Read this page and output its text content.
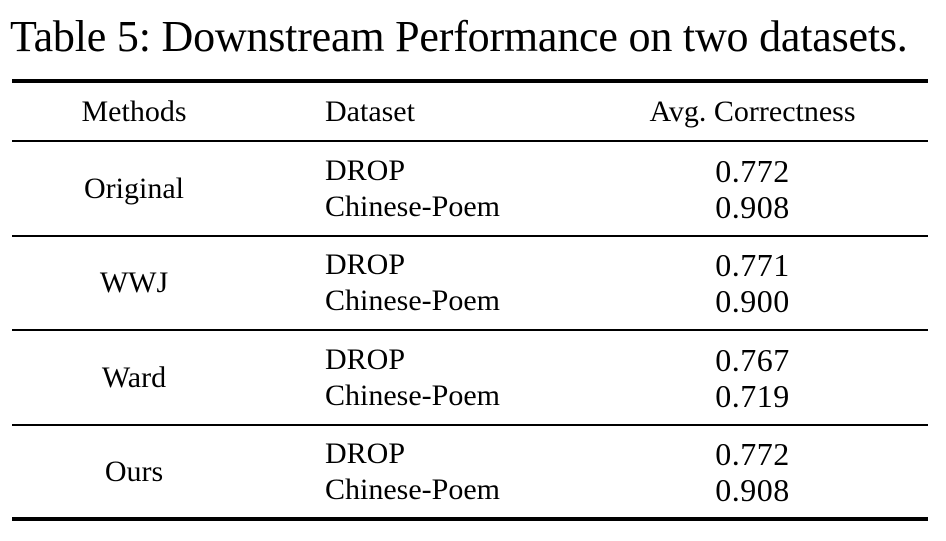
Table 5: Downstream Performance on two datasets.
Methods	Dataset	Avg. Correctness
Original
DROP
Chinese-Poem
0.772
0.908
WWJ
DROP
Chinese-Poem
0.771
0.900
Ward
DROP
Chinese-Poem
0.767
0.719
Ours
DROP
Chinese-Poem
0.772
0.908
